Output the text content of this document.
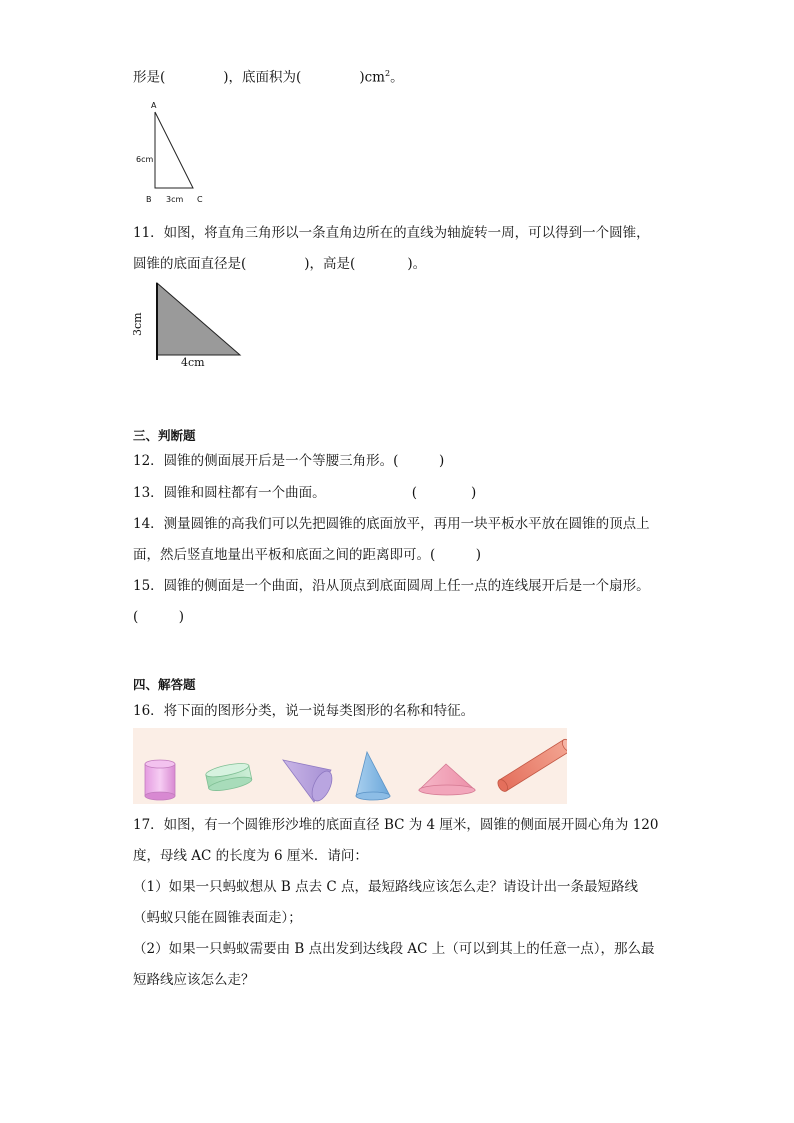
形是(	)，底面积为(	)$cm^2$。
A
6cm
B 3cm C
11．如图，将直角三角形以一条直角边所在的直线为轴旋转一周，可以得到一个圆锥，
圆锥的底面直径是(	)，高是(	)。
3cm
4cm
三、判断题
12．圆锥的侧面展开后是一个等腰三角形。(　　　)
13．圆锥和圆柱都有一个曲面。	(　　　　)
14．测量圆锥的高我们可以先把圆锥的底面放平，再用一块平板水平放在圆锥的顶点上
面，然后竖直地量出平板和底面之间的距离即可。(　　　)
15．圆锥的侧面是一个曲面，沿从顶点到底面圆周上任一点的连线展开后是一个扇形。
(　　　)
四、解答题
16．将下面的图形分类，说一说每类图形的名称和特征。
17．如图，有一个圆锥形沙堆的底面直径 BC 为 4 厘米，圆锥的侧面展开圆心角为 120
度，母线 AC 的长度为 6 厘米．请问：
（1）如果一只蚂蚁想从 B 点去 C 点，最短路线应该怎么走？请设计出一条最短路线
（蚂蚁只能在圆锥表面走）；
（2）如果一只蚂蚁需要由 B 点出发到达线段 AC 上（可以到其上的任意一点），那么最
短路线应该怎么走？
